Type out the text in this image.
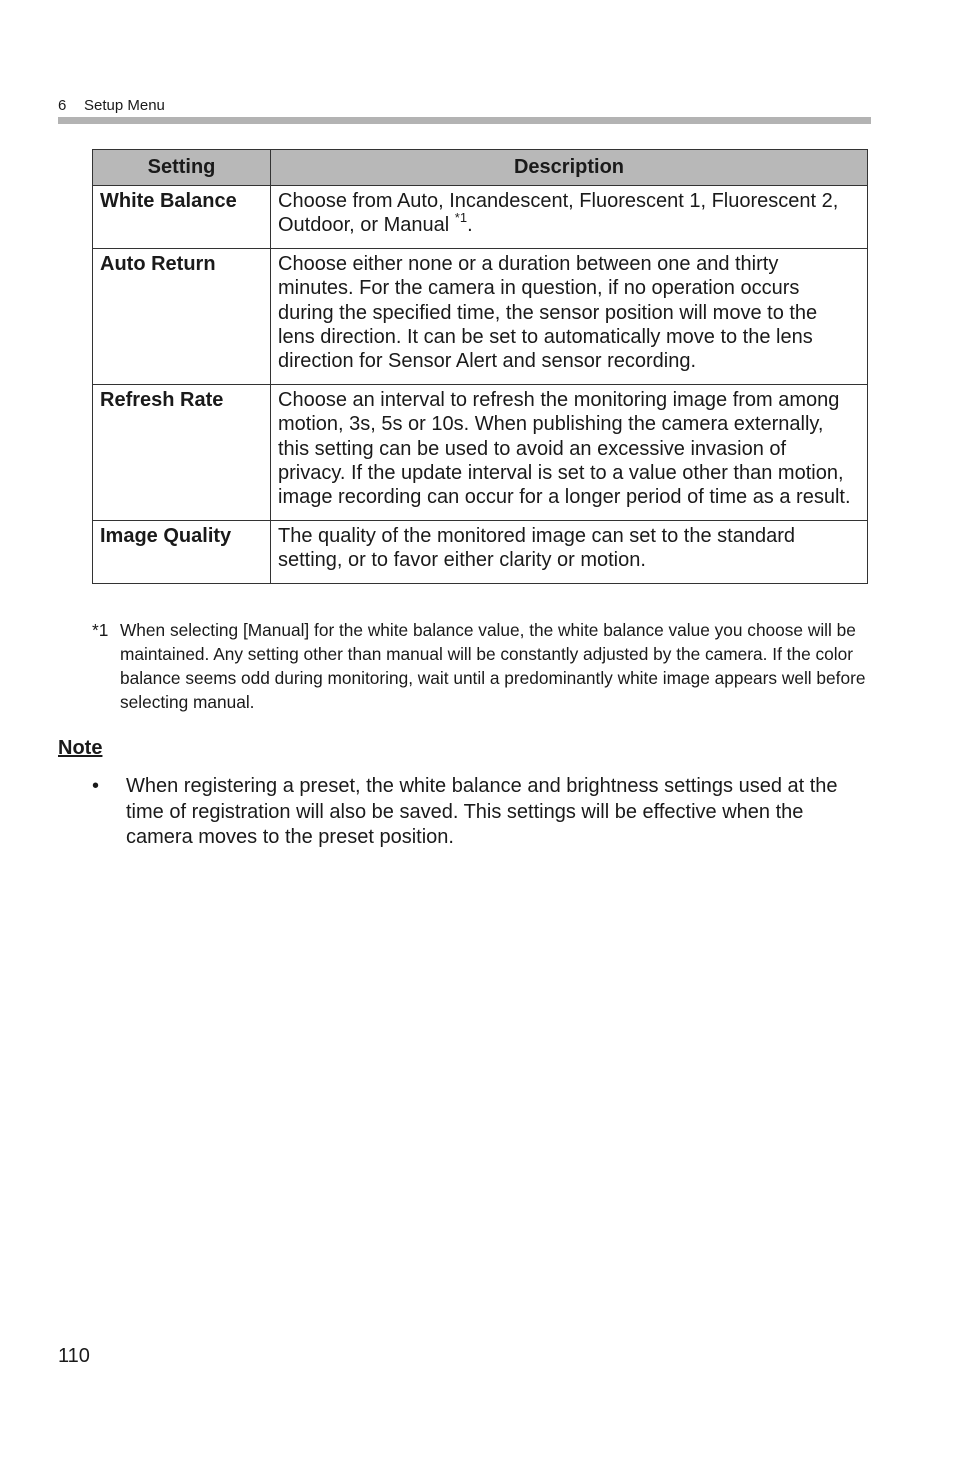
6 Setup Menu
Setting	Description
White Balance	Choose from Auto, Incandescent, Fluorescent 1, Fluorescent 2, Outdoor, or Manual $^{*1}$.
Auto Return	Choose either none or a duration between one and thirty minutes. For the camera in question, if no operation occurs during the specified time, the sensor position will move to the lens direction. It can be set to automatically move to the lens direction for Sensor Alert and sensor recording.
Refresh Rate	Choose an interval to refresh the monitoring image from among motion, 3s, 5s or 10s. When publishing the camera externally, this setting can be used to avoid an excessive invasion of privacy. If the update interval is set to a value other than motion, image recording can occur for a longer period of time as a result.
Image Quality	The quality of the monitored image can set to the standard setting, or to favor either clarity or motion.
*1 When selecting [Manual] for the white balance value, the white balance value you choose will be maintained. Any setting other than manual will be constantly adjusted by the camera. If the color balance seems odd during monitoring, wait until a predominantly white image appears well before selecting manual.
Note
• When registering a preset, the white balance and brightness settings used at the time of registration will also be saved. This settings will be effective when the camera moves to the preset position.
110
